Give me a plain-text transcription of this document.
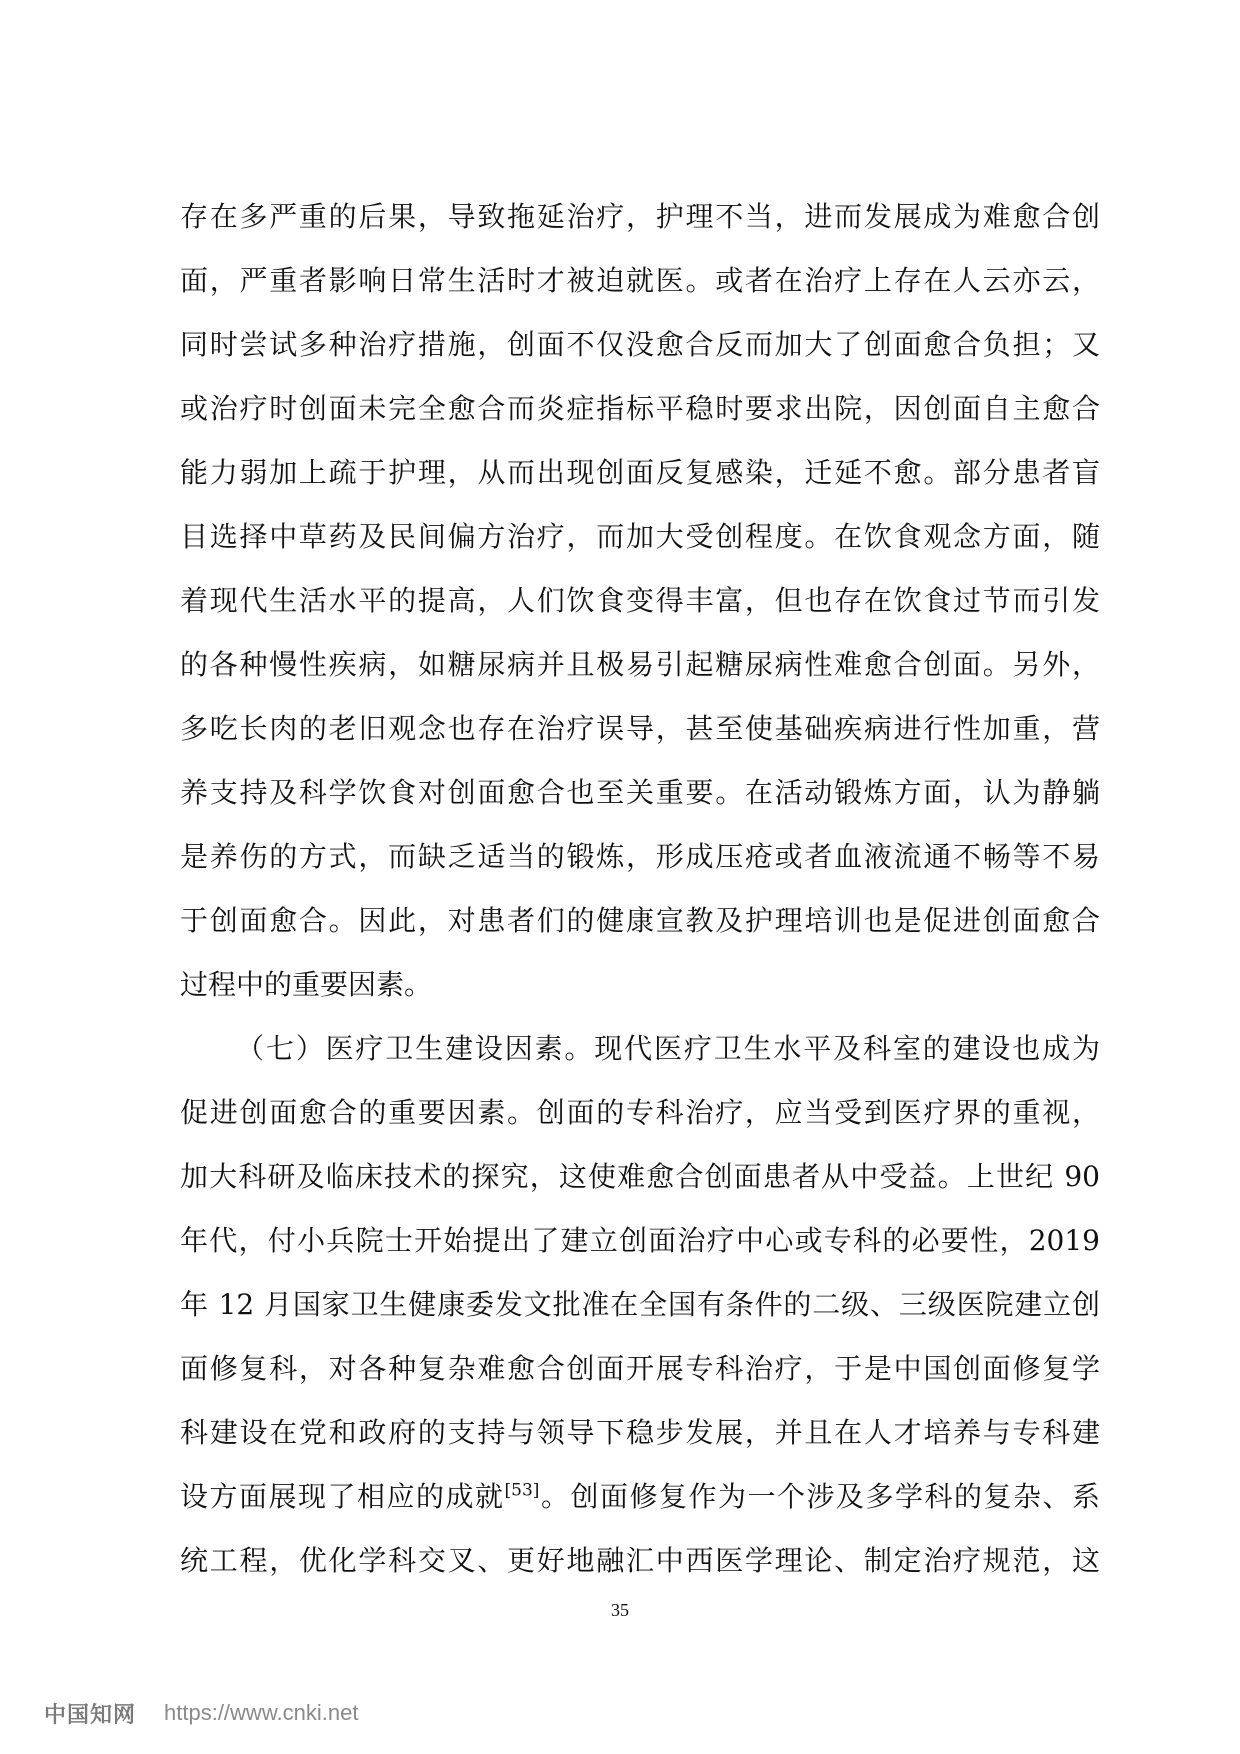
存在多严重的后果，导致拖延治疗，护理不当，进而发展成为难愈合创
面，严重者影响日常生活时才被迫就医。或者在治疗上存在人云亦云，
同时尝试多种治疗措施，创面不仅没愈合反而加大了创面愈合负担；又
或治疗时创面未完全愈合而炎症指标平稳时要求出院，因创面自主愈合
能力弱加上疏于护理，从而出现创面反复感染，迁延不愈。部分患者盲
目选择中草药及民间偏方治疗，而加大受创程度。在饮食观念方面，随
着现代生活水平的提高，人们饮食变得丰富，但也存在饮食过节而引发
的各种慢性疾病，如糖尿病并且极易引起糖尿病性难愈合创面。另外，
多吃长肉的老旧观念也存在治疗误导，甚至使基础疾病进行性加重，营
养支持及科学饮食对创面愈合也至关重要。在活动锻炼方面，认为静躺
是养伤的方式，而缺乏适当的锻炼，形成压疮或者血液流通不畅等不易
于创面愈合。因此，对患者们的健康宣教及护理培训也是促进创面愈合
过程中的重要因素。
（七）医疗卫生建设因素。现代医疗卫生水平及科室的建设也成为
促进创面愈合的重要因素。创面的专科治疗，应当受到医疗界的重视，
加大科研及临床技术的探究，这使难愈合创面患者从中受益。上世纪 90
年代，付小兵院士开始提出了建立创面治疗中心或专科的必要性，2019
年 12 月国家卫生健康委发文批准在全国有条件的二级、三级医院建立创
面修复科，对各种复杂难愈合创面开展专科治疗，于是中国创面修复学
科建设在党和政府的支持与领导下稳步发展，并且在人才培养与专科建
设方面展现了相应的成就[53]。创面修复作为一个涉及多学科的复杂、系
统工程，优化学科交叉、更好地融汇中西医学理论、制定治疗规范，这
35
中国知网 https://www.cnki.net
